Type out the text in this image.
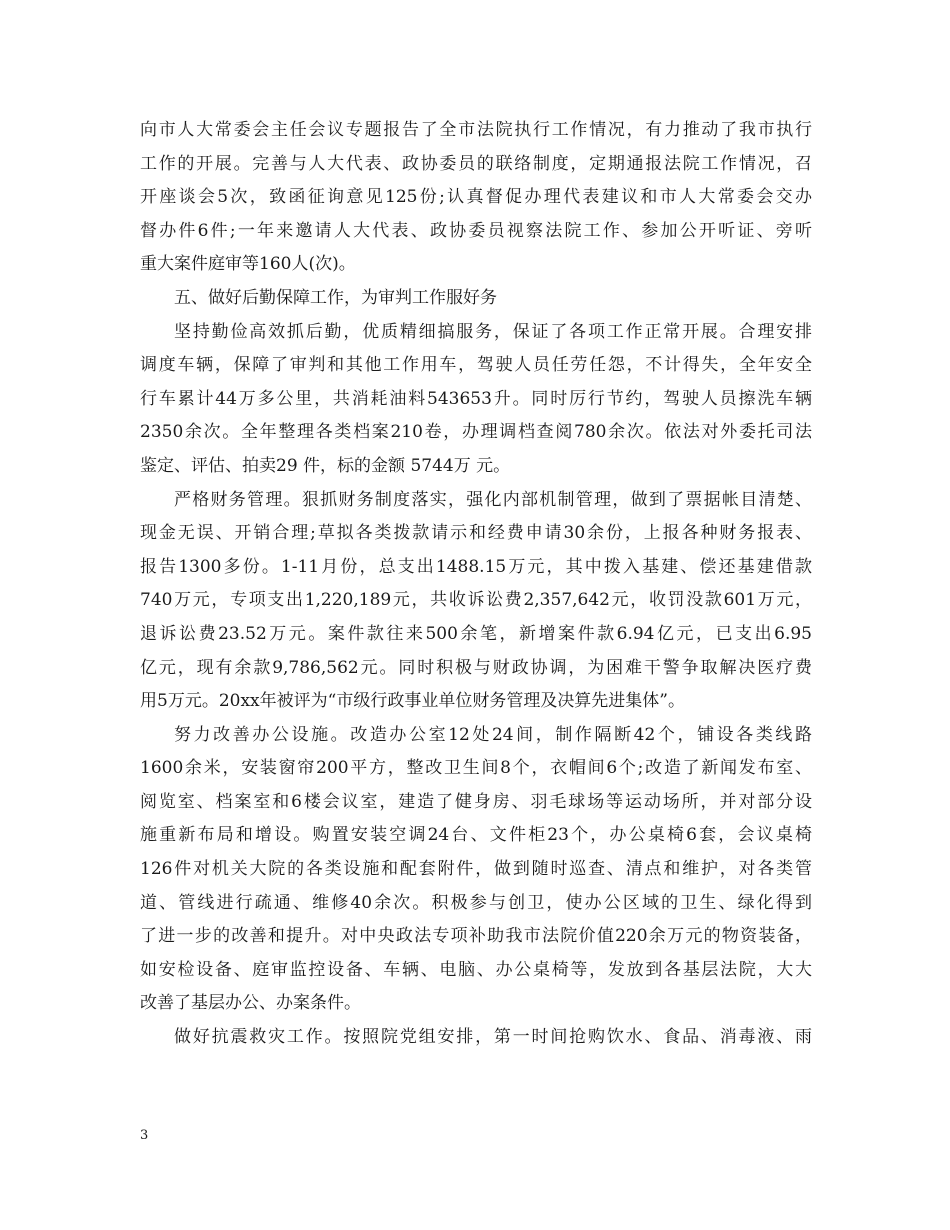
向市人大常委会主任会议专题报告了全市法院执行工作情况，有力推动了我市执行

工作的开展。完善与人大代表、政协委员的联络制度，定期通报法院工作情况，召

开座谈会5次，致函征询意见125份;认真督促办理代表建议和市人大常委会交办

督办件6件;一年来邀请人大代表、政协委员视察法院工作、参加公开听证、旁听

重大案件庭审等160人(次)。

五、做好后勤保障工作，为审判工作服好务

坚持勤俭高效抓后勤，优质精细搞服务，保证了各项工作正常开展。合理安排

调度车辆，保障了审判和其他工作用车，驾驶人员任劳任怨，不计得失，全年安全

行车累计44万多公里，共消耗油料543653升。同时厉行节约，驾驶人员擦洗车辆

2350余次。全年整理各类档案210卷，办理调档查阅780余次。依法对外委托司法

鉴定、评估、拍卖29 件，标的金额 5744万 元。

严格财务管理。狠抓财务制度落实，强化内部机制管理，做到了票据帐目清楚、

现金无误、开销合理;草拟各类拨款请示和经费申请30余份，上报各种财务报表、

报告1300多份。1-11月份，总支出1488.15万元，其中拨入基建、偿还基建借款

740万元，专项支出1,220,189元，共收诉讼费2,357,642元，收罚没款601万元，

退诉讼费23.52万元。案件款往来500余笔，新增案件款6.94亿元，已支出6.95

亿元，现有余款9,786,562元。同时积极与财政协调，为困难干警争取解决医疗费

用5万元。20xx年被评为“市级行政事业单位财务管理及决算先进集体”。

努力改善办公设施。改造办公室12处24间，制作隔断42个，铺设各类线路

1600余米，安装窗帘200平方，整改卫生间8个，衣帽间6个;改造了新闻发布室、

阅览室、档案室和6楼会议室，建造了健身房、羽毛球场等运动场所，并对部分设

施重新布局和增设。购置安装空调24台、文件柜23个，办公桌椅6套，会议桌椅

126件对机关大院的各类设施和配套附件，做到随时巡查、清点和维护，对各类管

道、管线进行疏通、维修40余次。积极参与创卫，使办公区域的卫生、绿化得到

了进一步的改善和提升。对中央政法专项补助我市法院价值220余万元的物资装备，

如安检设备、庭审监控设备、车辆、电脑、办公桌椅等，发放到各基层法院，大大

改善了基层办公、办案条件。

做好抗震救灾工作。按照院党组安排，第一时间抢购饮水、食品、消毒液、雨

3
